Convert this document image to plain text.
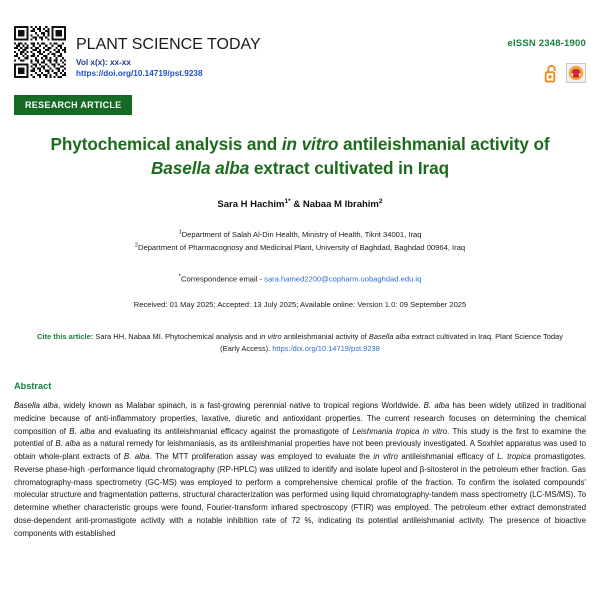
PLANT SCIENCE TODAY
Vol x(x): xx-xx
https://doi.org/10.14719/pst.9238
eISSN 2348-1900
RESEARCH ARTICLE
Phytochemical analysis and in vitro antileishmanial activity of Basella alba extract cultivated in Iraq
Sara H Hachim$^{1*}$ & Nabaa M Ibrahim$^2$
$^1$Department of Salah Al-Din Health, Ministry of Health, Tikrit 34001, Iraq
$^2$Department of Pharmacognosy and Medicinal Plant, University of Baghdad, Baghdad 00964, Iraq
*Correspondence email - sara.hamed2200@copharm.uobaghdad.edu.iq
Received: 01 May 2025; Accepted: 13 July 2025; Available online: Version 1.0: 09 September 2025
Cite this article: Sara HH, Nabaa MI. Phytochemical analysis and in vitro antileishmanial activity of Basella alba extract cultivated in Iraq. Plant Science Today (Early Access). https:/doi.org/10.14719/pst.9238
Abstract
Basella alba, widely known as Malabar spinach, is a fast-growing perennial native to tropical regions Worldwide. B. alba has been widely utilized in traditional medicine because of anti-inflammatory properties, laxative, diuretic and antioxidant properties. The current research focuses on determining the chemical composition of B. alba and evaluating its antileishmanial efficacy against the promastigote of Leishmania tropica in vitro. This study is the first to examine the potential of B. alba as a natural remedy for leishmaniasis, as its antileishmanial properties have not been previously investigated. A Soxhlet apparatus was used to obtain whole-plant extracts of B. alba. The MTT proliferation assay was employed to evaluate the in vitro antileishmanial efficacy of L. tropica promastigotes. Reverse phase-high -performance liquid chromatography (RP-HPLC) was utilized to identify and isolate lupeol and β-sitosterol in the petroleum ether fraction. Gas chromatography-mass spectrometry (GC-MS) was employed to perform a comprehensive chemical profile of the fraction. To confirm the isolated compounds' molecular structure and fragmentation patterns, structural characterization was performed using liquid chromatography-tandem mass spectrometry (LC-MS/MS). To determine whether characteristic groups were found, Fourier-transform infrared spectroscopy (FTIR) was employed. The petroleum ether extract demonstrated dose-dependent anti-promastigote activity with a notable inhibition rate of 72 %, indicating its potential antileishmanial activity. The presence of bioactive components with established
